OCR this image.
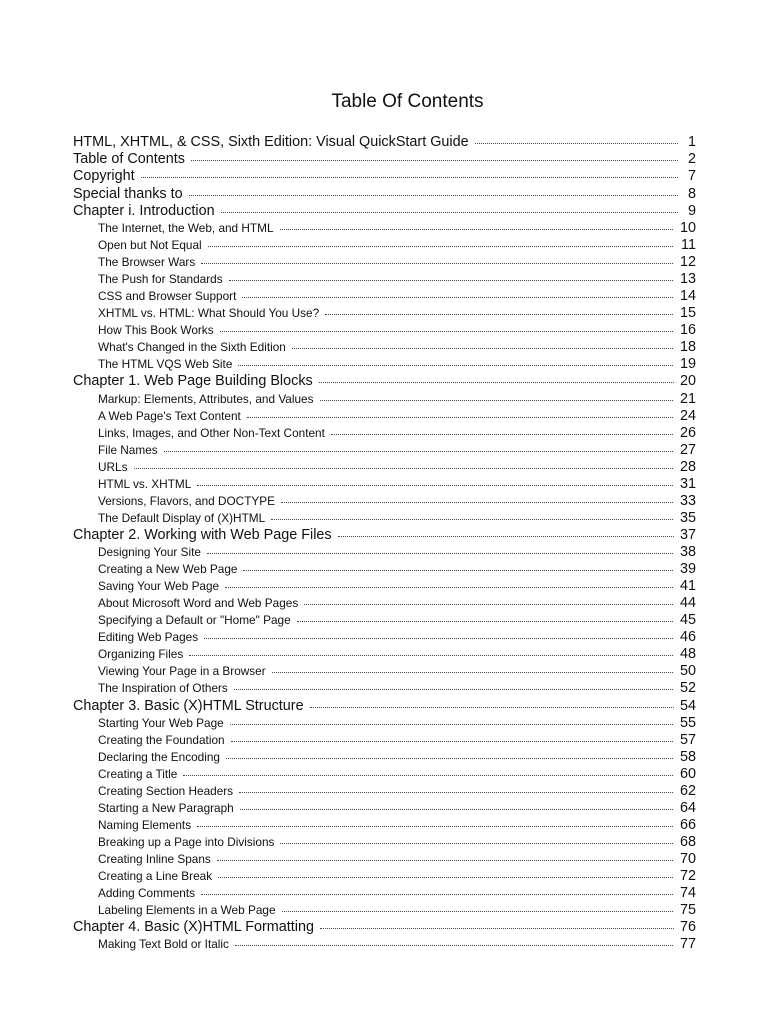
Table Of Contents
HTML, XHTML, & CSS, Sixth Edition: Visual QuickStart Guide	1
Table of Contents	2
Copyright	7
Special thanks to	8
Chapter i. Introduction	9
The Internet, the Web, and HTML	10
Open but Not Equal	11
The Browser Wars	12
The Push for Standards	13
CSS and Browser Support	14
XHTML vs. HTML: What Should You Use?	15
How This Book Works	16
What's Changed in the Sixth Edition	18
The HTML VQS Web Site	19
Chapter 1. Web Page Building Blocks	20
Markup: Elements, Attributes, and Values	21
A Web Page's Text Content	24
Links, Images, and Other Non-Text Content	26
File Names	27
URLs	28
HTML vs. XHTML	31
Versions, Flavors, and DOCTYPE	33
The Default Display of (X)HTML	35
Chapter 2. Working with Web Page Files	37
Designing Your Site	38
Creating a New Web Page	39
Saving Your Web Page	41
About Microsoft Word and Web Pages	44
Specifying a Default or "Home" Page	45
Editing Web Pages	46
Organizing Files	48
Viewing Your Page in a Browser	50
The Inspiration of Others	52
Chapter 3. Basic (X)HTML Structure	54
Starting Your Web Page	55
Creating the Foundation	57
Declaring the Encoding	58
Creating a Title	60
Creating Section Headers	62
Starting a New Paragraph	64
Naming Elements	66
Breaking up a Page into Divisions	68
Creating Inline Spans	70
Creating a Line Break	72
Adding Comments	74
Labeling Elements in a Web Page	75
Chapter 4. Basic (X)HTML Formatting	76
Making Text Bold or Italic	77
